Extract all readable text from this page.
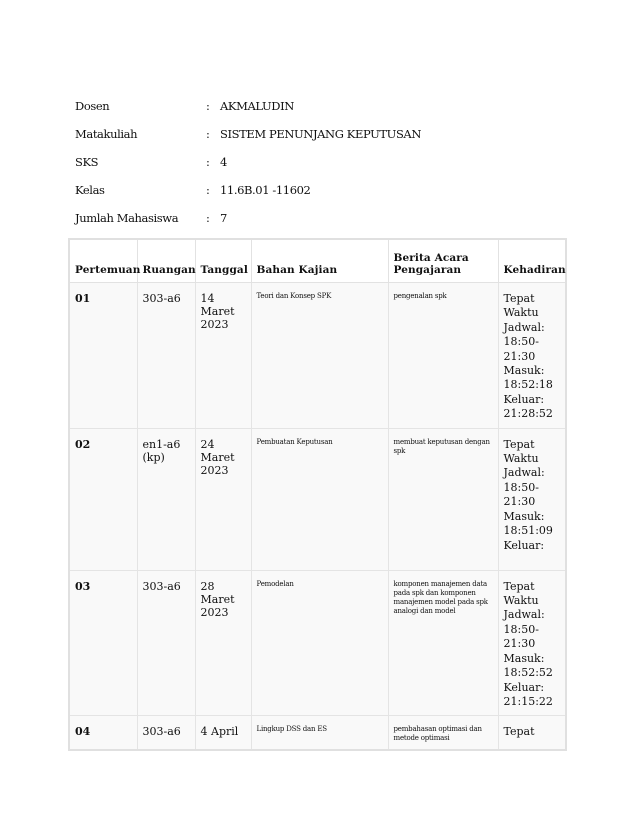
Dosen	: AKMALUDIN
Matakuliah	: SISTEM PENUNJANG KEPUTUSAN
SKS	: 4
Kelas	: 11.6B.01 -11602
Jumlah Mahasiswa : 7
Pertemuan	Ruangan	Tanggal	Bahan Kajian	Berita Acara Pengajaran	Kehadiran
01	303-a6	14 Maret 2023	Teori dan Konsep SPK	pengenalan spk	Tepat Waktu Jadwal: 18:50-21:30 Masuk: 18:52:18 Keluar: 21:28:52
02	en1-a6 (kp)	24 Maret 2023	Pembuatan Keputusan	membuat keputusan dengan spk	Tepat Waktu Jadwal: 18:50-21:30 Masuk: 18:51:09 Keluar:
03	303-a6	28 Maret 2023	Pemodelan	komponen manajemen data pada spk dan komponen manajemen model pada spk analogi dan model	Tepat Waktu Jadwal: 18:50-21:30 Masuk: 18:52:52 Keluar: 21:15:22
04	303-a6	4 April	Lingkup DSS dan ES	pembahasan optimasi dan metode optimasi	Tepat
